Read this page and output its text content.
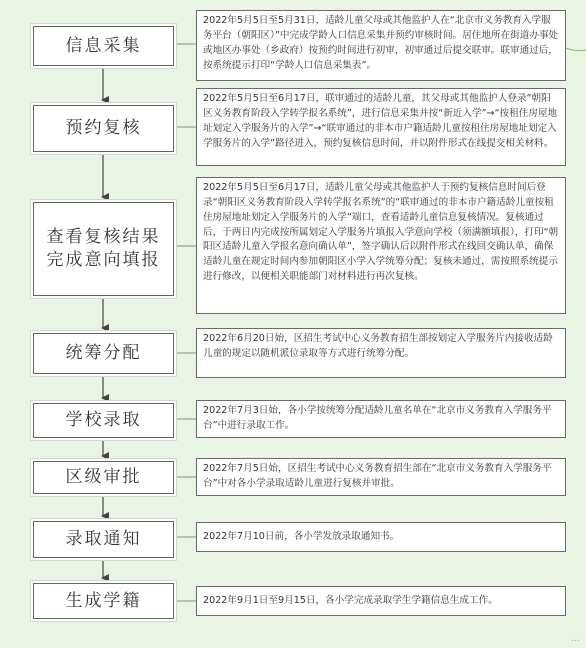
信息采集
2022年5月5日至5月31日，适龄儿童父母或其他监护人在“北京市义务教育入学服务平台（朝阳区）”中完成学龄人口信息采集并预约审核时间。居住地所在街道办事处或地区办事处（乡政府）按预约时间进行初审，初审通过后提交联审。联审通过后，按系统提示打印“学龄人口信息采集表”。
预约复核
2022年5月5日至6月17日，联审通过的适龄儿童，其父母或其他监护人登录“朝阳区义务教育阶段入学转学报名系统”，进行信息采集并按“新近入学”→“按租住房屋地址划定入学服务片的入学”→“联审通过的非本市户籍适龄儿童按租住房屋地址划定入学服务片的入学”路径进入，预约复核信息时间，并以附件形式在线提交相关材料。
查看复核结果
完成意向填报
2022年5月5日至6月17日，适龄儿童父母或其他监护人于预约复核信息时间后登录“朝阳区义务教育阶段入学转学报名系统”的“联审通过的非本市户籍适龄儿童按租住房屋地址划定入学服务片的入学”端口，查看适龄儿童信息复核情况。复核通过后，于两日内完成按所属划定入学服务片填报入学意向学校（须满额填报），打印“朝阳区适龄儿童入学报名意向确认单”，签字确认后以附件形式在线回交确认单，确保适龄儿童在规定时间内参加朝阳区小学入学统筹分配；复核未通过，需按照系统提示进行修改，以便相关职能部门对材料进行再次复核。
统筹分配
2022年6月20日始，区招生考试中心义务教育招生部按划定入学服务片内接收适龄儿童的规定以随机派位录取等方式进行统筹分配。
学校录取	2022年7月3日始，各小学按统筹分配适龄儿童名单在“北京市义务教育入学服务平台”中进行录取工作。
区级审批	2022年7月5日始，区招生考试中心义务教育招生部在“北京市义务教育入学服务平台”中对各小学录取适龄儿童进行复核并审批。
录取通知	2022年7月10日前，各小学发放录取通知书。
生成学籍	2022年9月1日至9月15日，各小学完成录取学生学籍信息生成工作。
...
